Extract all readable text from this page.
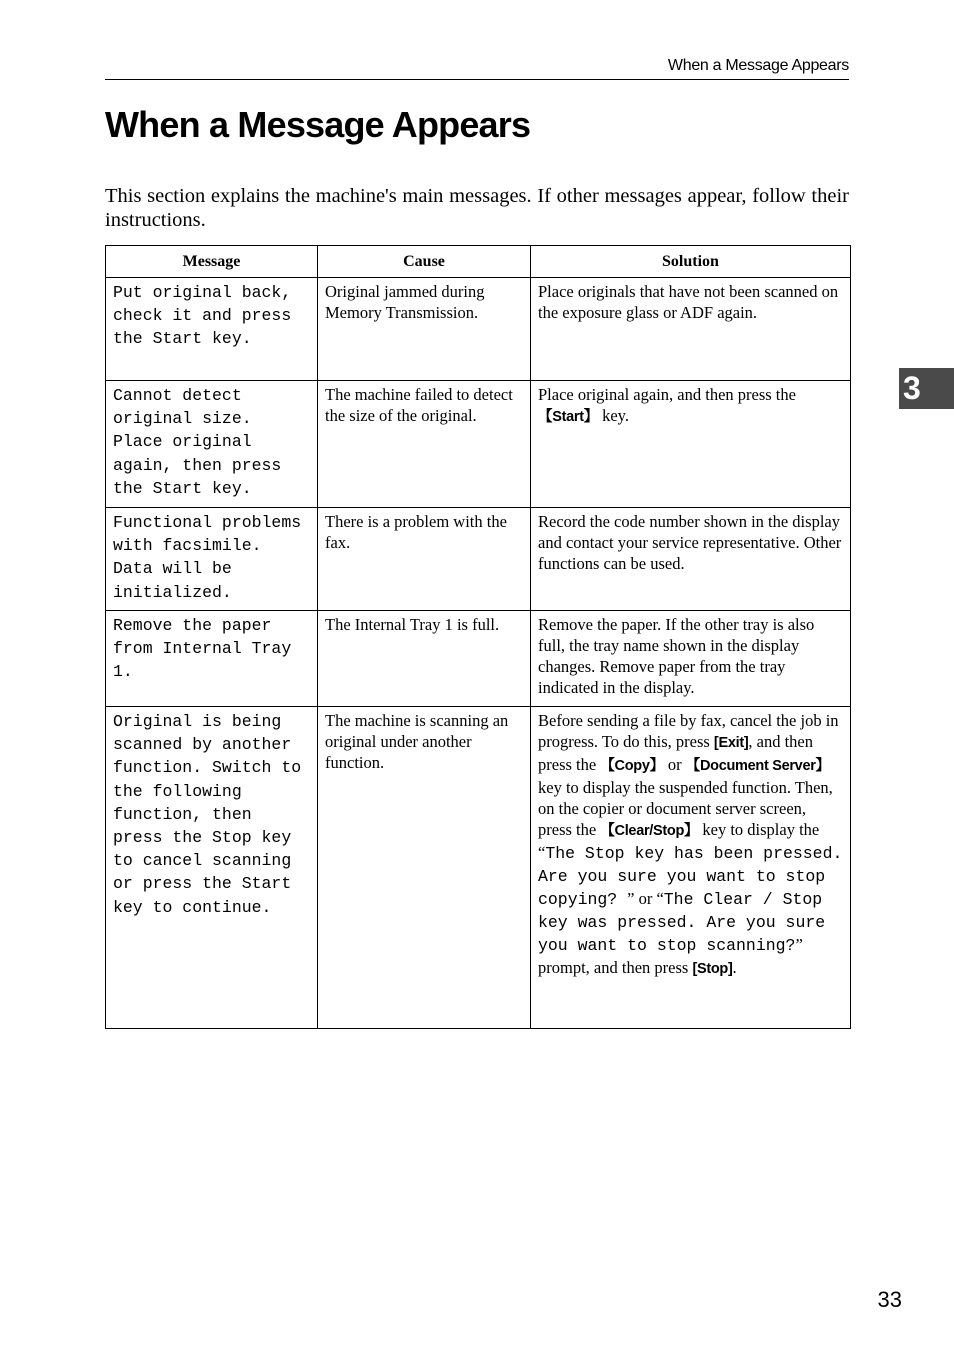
When a Message Appears
When a Message Appears

This section explains the machine's main messages. If other messages appear, follow their instructions.

Message	Cause	Solution
Put original back, check it and press the Start key.	Original jammed during Memory Transmission.	Place originals that have not been scanned on the exposure glass or ADF again.
Cannot detect original size. Place original again, then press the Start key.	The machine failed to detect the size of the original.	Place original again, and then press the 【Start】 key.
Functional problems with facsimile. Data will be initialized.	There is a problem with the fax.	Record the code number shown in the display and contact your service representative. Other functions can be used.
Remove the paper from Internal Tray 1.	The Internal Tray 1 is full.	Remove the paper. If the other tray is also full, the tray name shown in the display changes. Remove paper from the tray indicated in the display.
Original is being scanned by another function. Switch to the following function, then press the Stop key to cancel scanning or press the Start key to continue.	The machine is scanning an original under another function.	Before sending a file by fax, cancel the job in progress. To do this, press [Exit], and then press the 【Copy】 or 【Document Server】 key to display the suspended function. Then, on the copier or document server screen, press the 【Clear/Stop】 key to display the “The Stop key has been pressed. Are you sure you want to stop copying? ” or “The Clear / Stop key was pressed. Are you sure you want to stop scanning?” prompt, and then press [Stop].
3
33
